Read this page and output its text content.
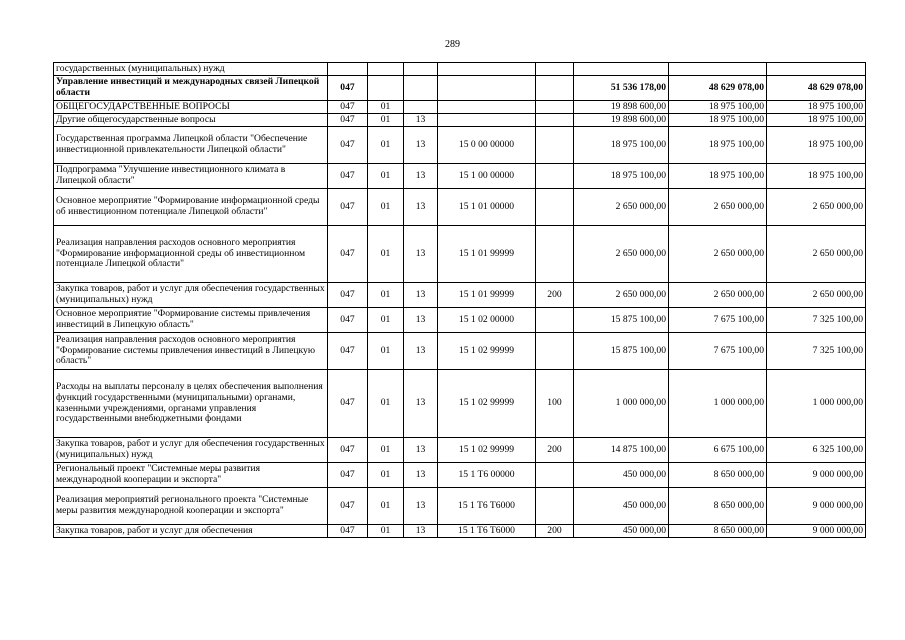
289
государственных (муниципальных) нужд								
Управление инвестиций и международных связей Липецкой области	047					51 536 178,00	48 629 078,00	48 629 078,00
ОБЩЕГОСУДАРСТВЕННЫЕ ВОПРОСЫ	047	01				19 898 600,00	18 975 100,00	18 975 100,00
Другие общегосударственные вопросы	047	01	13			19 898 600,00	18 975 100,00	18 975 100,00
Государственная программа Липецкой области "Обеспечение инвестиционной привлекательности Липецкой области"	047	01	13	15 0 00 00000		18 975 100,00	18 975 100,00	18 975 100,00
Подпрограмма "Улучшение инвестиционного климата в Липецкой области"	047	01	13	15 1 00 00000		18 975 100,00	18 975 100,00	18 975 100,00
Основное мероприятие "Формирование информационной среды об инвестиционном потенциале Липецкой области"	047	01	13	15 1 01 00000		2 650 000,00	2 650 000,00	2 650 000,00
Реализация направления расходов основного мероприятия "Формирование информационной среды об инвестиционном потенциале Липецкой области"	047	01	13	15 1 01 99999		2 650 000,00	2 650 000,00	2 650 000,00
Закупка товаров, работ и услуг для обеспечения государственных (муниципальных) нужд	047	01	13	15 1 01 99999	200	2 650 000,00	2 650 000,00	2 650 000,00
Основное мероприятие "Формирование системы привлечения инвестиций в Липецкую область"	047	01	13	15 1 02 00000		15 875 100,00	7 675 100,00	7 325 100,00
Реализация направления расходов основного мероприятия "Формирование системы привлечения инвестиций в Липецкую область"	047	01	13	15 1 02 99999		15 875 100,00	7 675 100,00	7 325 100,00
Расходы на выплаты персоналу в целях обеспечения выполнения функций государственными (муниципальными) органами, казенными учреждениями, органами управления государственными внебюджетными фондами	047	01	13	15 1 02 99999	100	1 000 000,00	1 000 000,00	1 000 000,00
Закупка товаров, работ и услуг для обеспечения государственных (муниципальных) нужд	047	01	13	15 1 02 99999	200	14 875 100,00	6 675 100,00	6 325 100,00
Региональный проект "Системные меры развития международной кооперации и экспорта"	047	01	13	15 1 T6 00000		450 000,00	8 650 000,00	9 000 000,00
Реализация мероприятий регионального проекта "Системные меры развития международной кооперации и экспорта"	047	01	13	15 1 T6 T6000		450 000,00	8 650 000,00	9 000 000,00
Закупка товаров, работ и услуг для обеспечения	047	01	13	15 1 T6 T6000	200	450 000,00	8 650 000,00	9 000 000,00
